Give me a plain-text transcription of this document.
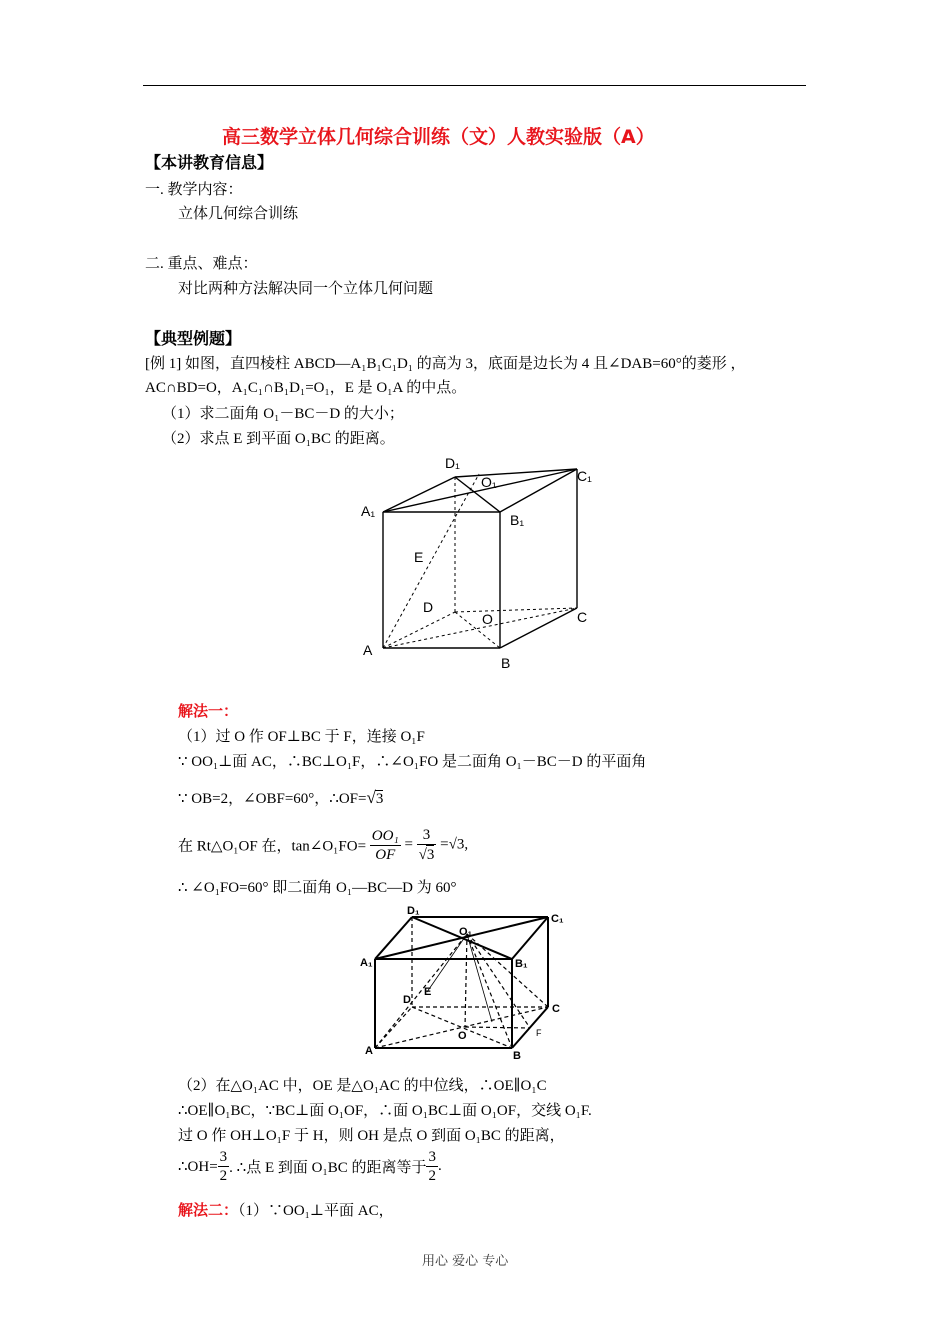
高三数学立体几何综合训练（文）人教实验版（A）
【本讲教育信息】
一. 教学内容：
立体几何综合训练
二. 重点、难点：
对比两种方法解决同一个立体几何问题
【典型例题】
[例 1] 如图，直四棱柱 ABCD—A₁B₁C₁D₁ 的高为 3，底面是边长为 4 且∠DAB=60°的菱形 ，
AC∩BD=O，A₁C₁∩B₁D₁=O₁，E 是 O₁A 的中点。
（1）求二面角 O₁－BC－D 的大小；
（2）求点 E 到平面 O₁BC 的距离。
D₁
O₁	C₁
A₁
B₁
E
D
O	C
A
B
解法一：
（1）过 O 作 OF⊥BC 于 F，连接 O₁F
∵ OO₁⊥面 AC，∴BC⊥O₁F，∴∠O₁FO 是二面角 O₁－BC－D 的平面角
∵ OB=2，∠OBF=60°，∴OF=√3
在 Rt△O₁OF 在，tan∠O₁FO= $\frac{\text{OO₁}}{OF} = \frac{3}{√3} =√3$,
∴ ∠O₁FO=60° 即二面角 O₁—BC—D 为 60°
D₁
O₁
C₁
A₁	B₁
D
E
C
O	F
A	B
（2）在△O₁AC 中，OE 是△O₁AC 的中位线，∴OE∥O₁C
∴OE∥O₁BC，∵BC⊥面 O₁OF，∴面 O₁BC⊥面 O₁OF，交线 O₁F.
过 O 作 OH⊥O₁F 于 H，则 OH 是点 O 到面 O₁BC 的距离，
∴OH= $\frac{3}{2}$ . ∴点 E 到面 O₁BC 的距离等于 $\frac{3}{2}$ .
解法二：（1）∵OO₁⊥平面 AC，
用心 爱心 专心
